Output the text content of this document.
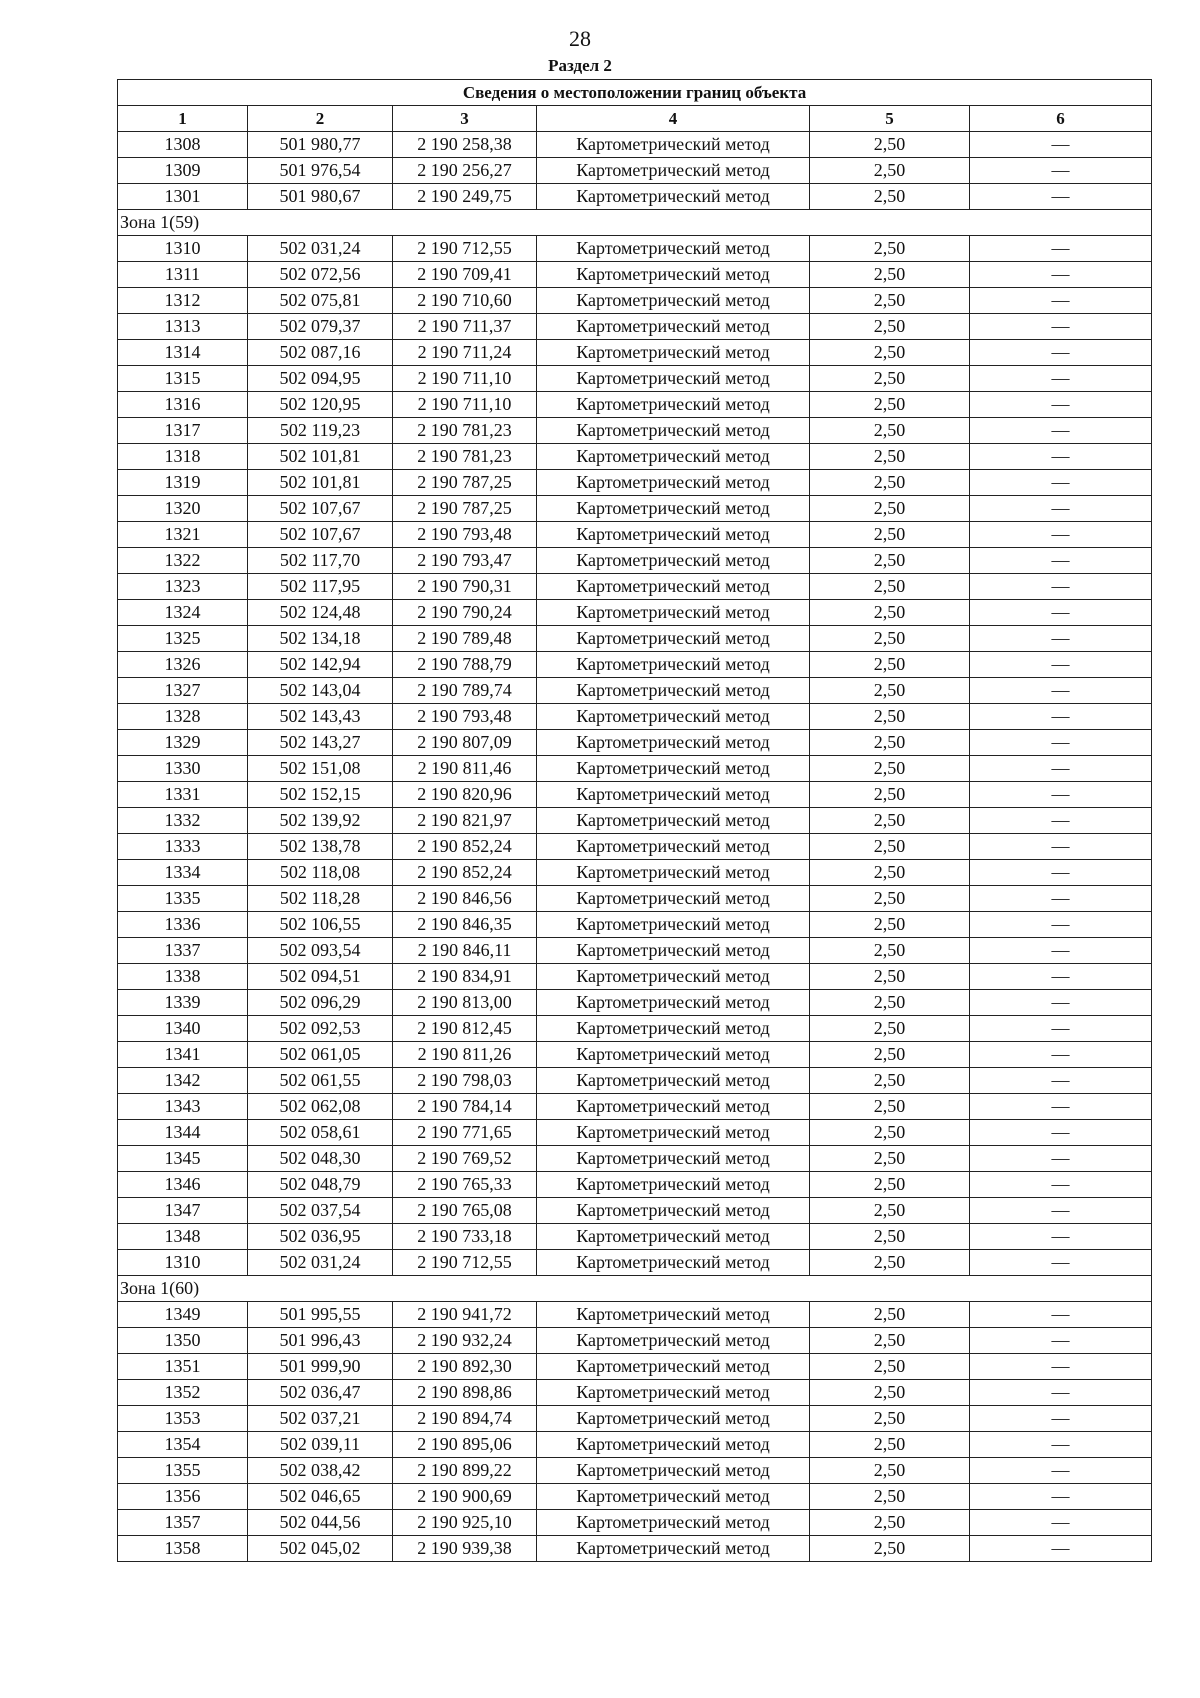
28
Раздел 2
Сведения о местоположении границ объекта					
1	2	3	4	5	6
1308	501 980,77	2 190 258,38	Картометрический метод	2,50	—
1309	501 976,54	2 190 256,27	Картометрический метод	2,50	—
1301	501 980,67	2 190 249,75	Картометрический метод	2,50	—
Зона 1(59)					
1310	502 031,24	2 190 712,55	Картометрический метод	2,50	—
1311	502 072,56	2 190 709,41	Картометрический метод	2,50	—
1312	502 075,81	2 190 710,60	Картометрический метод	2,50	—
1313	502 079,37	2 190 711,37	Картометрический метод	2,50	—
1314	502 087,16	2 190 711,24	Картометрический метод	2,50	—
1315	502 094,95	2 190 711,10	Картометрический метод	2,50	—
1316	502 120,95	2 190 711,10	Картометрический метод	2,50	—
1317	502 119,23	2 190 781,23	Картометрический метод	2,50	—
1318	502 101,81	2 190 781,23	Картометрический метод	2,50	—
1319	502 101,81	2 190 787,25	Картометрический метод	2,50	—
1320	502 107,67	2 190 787,25	Картометрический метод	2,50	—
1321	502 107,67	2 190 793,48	Картометрический метод	2,50	—
1322	502 117,70	2 190 793,47	Картометрический метод	2,50	—
1323	502 117,95	2 190 790,31	Картометрический метод	2,50	—
1324	502 124,48	2 190 790,24	Картометрический метод	2,50	—
1325	502 134,18	2 190 789,48	Картометрический метод	2,50	—
1326	502 142,94	2 190 788,79	Картометрический метод	2,50	—
1327	502 143,04	2 190 789,74	Картометрический метод	2,50	—
1328	502 143,43	2 190 793,48	Картометрический метод	2,50	—
1329	502 143,27	2 190 807,09	Картометрический метод	2,50	—
1330	502 151,08	2 190 811,46	Картометрический метод	2,50	—
1331	502 152,15	2 190 820,96	Картометрический метод	2,50	—
1332	502 139,92	2 190 821,97	Картометрический метод	2,50	—
1333	502 138,78	2 190 852,24	Картометрический метод	2,50	—
1334	502 118,08	2 190 852,24	Картометрический метод	2,50	—
1335	502 118,28	2 190 846,56	Картометрический метод	2,50	—
1336	502 106,55	2 190 846,35	Картометрический метод	2,50	—
1337	502 093,54	2 190 846,11	Картометрический метод	2,50	—
1338	502 094,51	2 190 834,91	Картометрический метод	2,50	—
1339	502 096,29	2 190 813,00	Картометрический метод	2,50	—
1340	502 092,53	2 190 812,45	Картометрический метод	2,50	—
1341	502 061,05	2 190 811,26	Картометрический метод	2,50	—
1342	502 061,55	2 190 798,03	Картометрический метод	2,50	—
1343	502 062,08	2 190 784,14	Картометрический метод	2,50	—
1344	502 058,61	2 190 771,65	Картометрический метод	2,50	—
1345	502 048,30	2 190 769,52	Картометрический метод	2,50	—
1346	502 048,79	2 190 765,33	Картометрический метод	2,50	—
1347	502 037,54	2 190 765,08	Картометрический метод	2,50	—
1348	502 036,95	2 190 733,18	Картометрический метод	2,50	—
1310	502 031,24	2 190 712,55	Картометрический метод	2,50	—
Зона 1(60)					
1349	501 995,55	2 190 941,72	Картометрический метод	2,50	—
1350	501 996,43	2 190 932,24	Картометрический метод	2,50	—
1351	501 999,90	2 190 892,30	Картометрический метод	2,50	—
1352	502 036,47	2 190 898,86	Картометрический метод	2,50	—
1353	502 037,21	2 190 894,74	Картометрический метод	2,50	—
1354	502 039,11	2 190 895,06	Картометрический метод	2,50	—
1355	502 038,42	2 190 899,22	Картометрический метод	2,50	—
1356	502 046,65	2 190 900,69	Картометрический метод	2,50	—
1357	502 044,56	2 190 925,10	Картометрический метод	2,50	—
1358	502 045,02	2 190 939,38	Картометрический метод	2,50	—
